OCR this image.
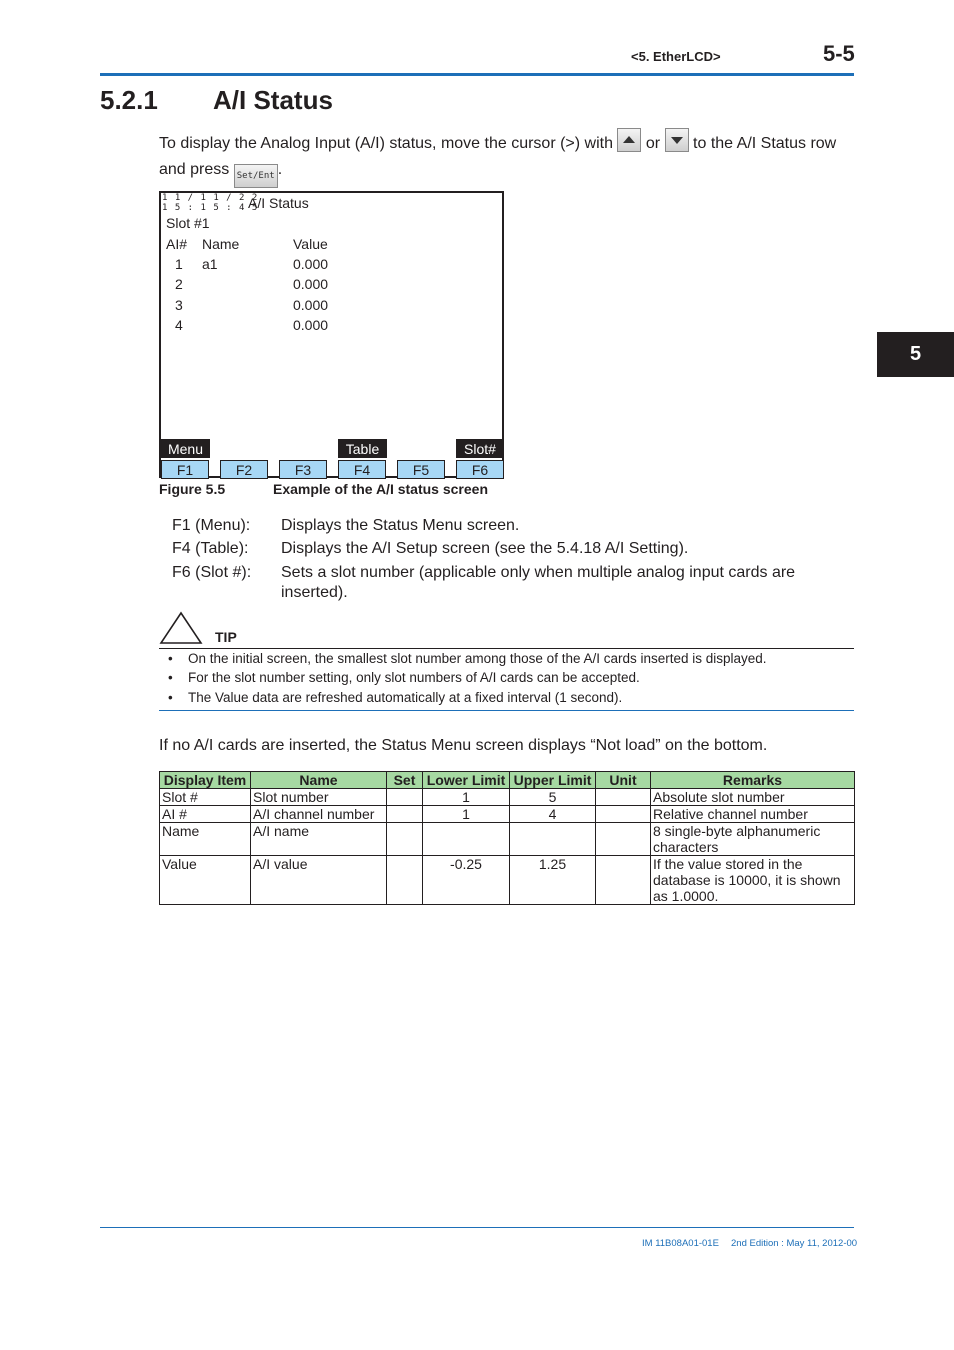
<5. EtherLCD>	5-5
5.2.1 A/I Status
5
To display the Analog Input (A/I) status, move the cursor (>) with or to the A/I Status row
and press Set/Ent .
1 1 / 1 1 / 2 2
1 5 : 1 5 : 4 5
A/I Status
Slot #1
AI# Name	Value
1 a1	0.000
2	0.000
3	0.000
4	0.000
Menu	Table	Slot#
F1	F2	F3	F4	F5	F6
Figure 5.5	Example of the A/I status screen
F1 (Menu): Displays the Status Menu screen.
F4 (Table): Displays the A/I Setup screen (see the 5.4.18 A/I Setting).
F6 (Slot #): Sets a slot number (applicable only when multiple analog input cards are
inserted).
TIP
• On the initial screen, the smallest slot number among those of the A/I cards inserted is displayed.
• For the slot number setting, only slot numbers of A/I cards can be accepted.
• The Value data are refreshed automatically at a fixed interval (1 second).
If no A/I cards are inserted, the Status Menu screen displays “Not load” on the bottom.
Display Item	Name	Set	Lower Limit	Upper Limit	Unit	Remarks
Slot #	Slot number		1	5		Absolute slot number
AI #	A/I channel number		1	4		Relative channel number
Name	A/I name					8 single-byte alphanumeric characters
Value	A/I value		-0.25	1.25		If the value stored in the database is 10000, it is shown as 1.0000.
IM 11B08A01-01E 2nd Edition : May 11, 2012-00
